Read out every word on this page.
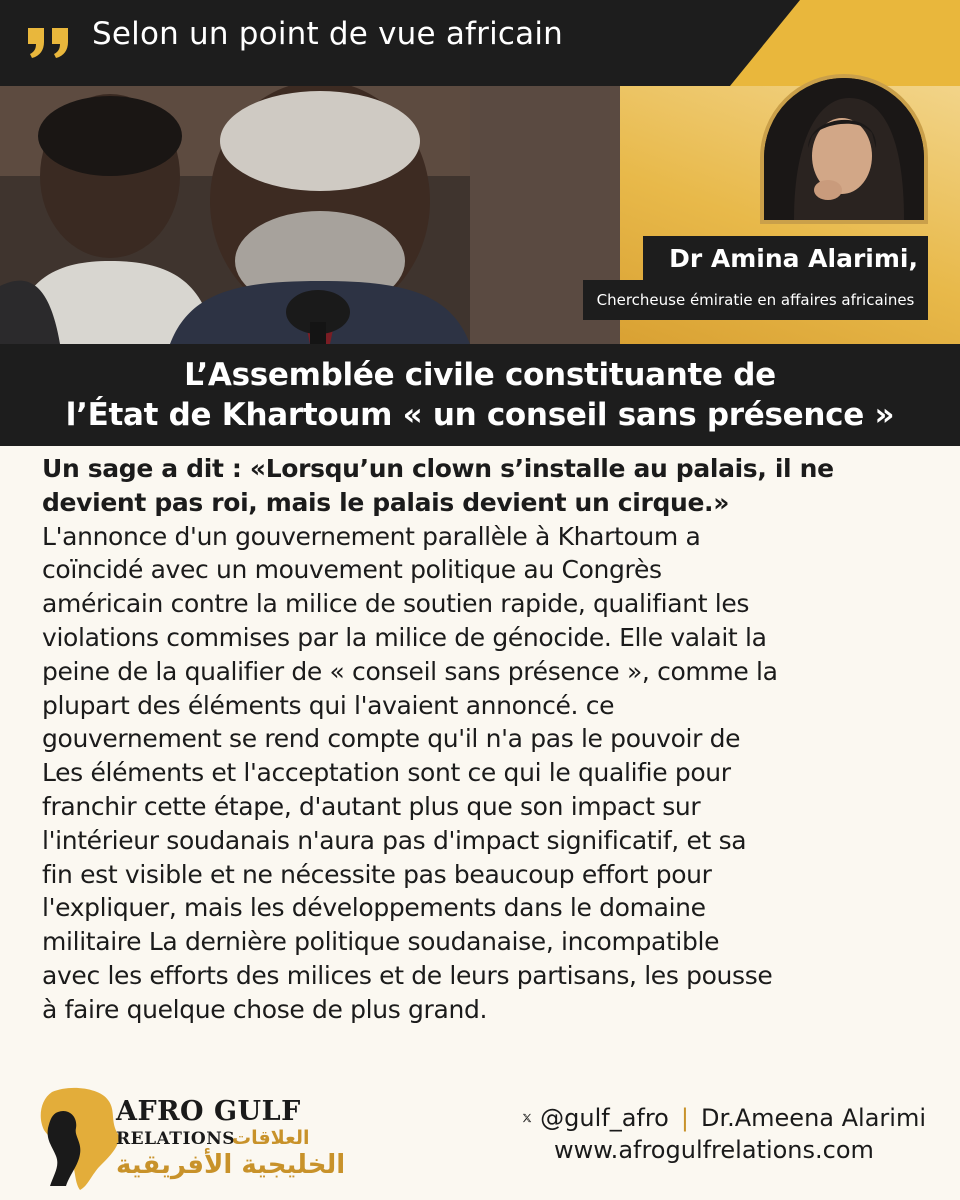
Selon un point de vue africain
Dr Amina Alarimi,
Chercheuse émiratie en affaires africaines
L’Assemblée civile constituante de
l’État de Khartoum « un conseil sans présence »
Un sage a dit : «Lorsqu’un clown s’installe au palais, il ne
devient pas roi, mais le palais devient un cirque.»
L'annonce d'un gouvernement parallèle à Khartoum a
coïncidé avec un mouvement politique au Congrès
américain contre la milice de soutien rapide, qualifiant les
violations commises par la milice de génocide. Elle valait la
peine de la qualifier de « conseil sans présence », comme la
plupart des éléments qui l'avaient annoncé. ce
gouvernement se rend compte qu'il n'a pas le pouvoir de
Les éléments et l'acceptation sont ce qui le qualifie pour
franchir cette étape, d'autant plus que son impact sur
l'intérieur soudanais n'aura pas d'impact significatif, et sa
fin est visible et ne nécessite pas beaucoup effort pour
l'expliquer, mais les développements dans le domaine
militaire La dernière politique soudanaise, incompatible
avec les efforts des milices et de leurs partisans, les pousse
à faire quelque chose de plus grand.
AFRO GULF
RELATIONS
العلاقات
الخليجية الأفريقية
@gulf_afro | Dr.Ameena Alarimi
www.afrogulfrelations.com
